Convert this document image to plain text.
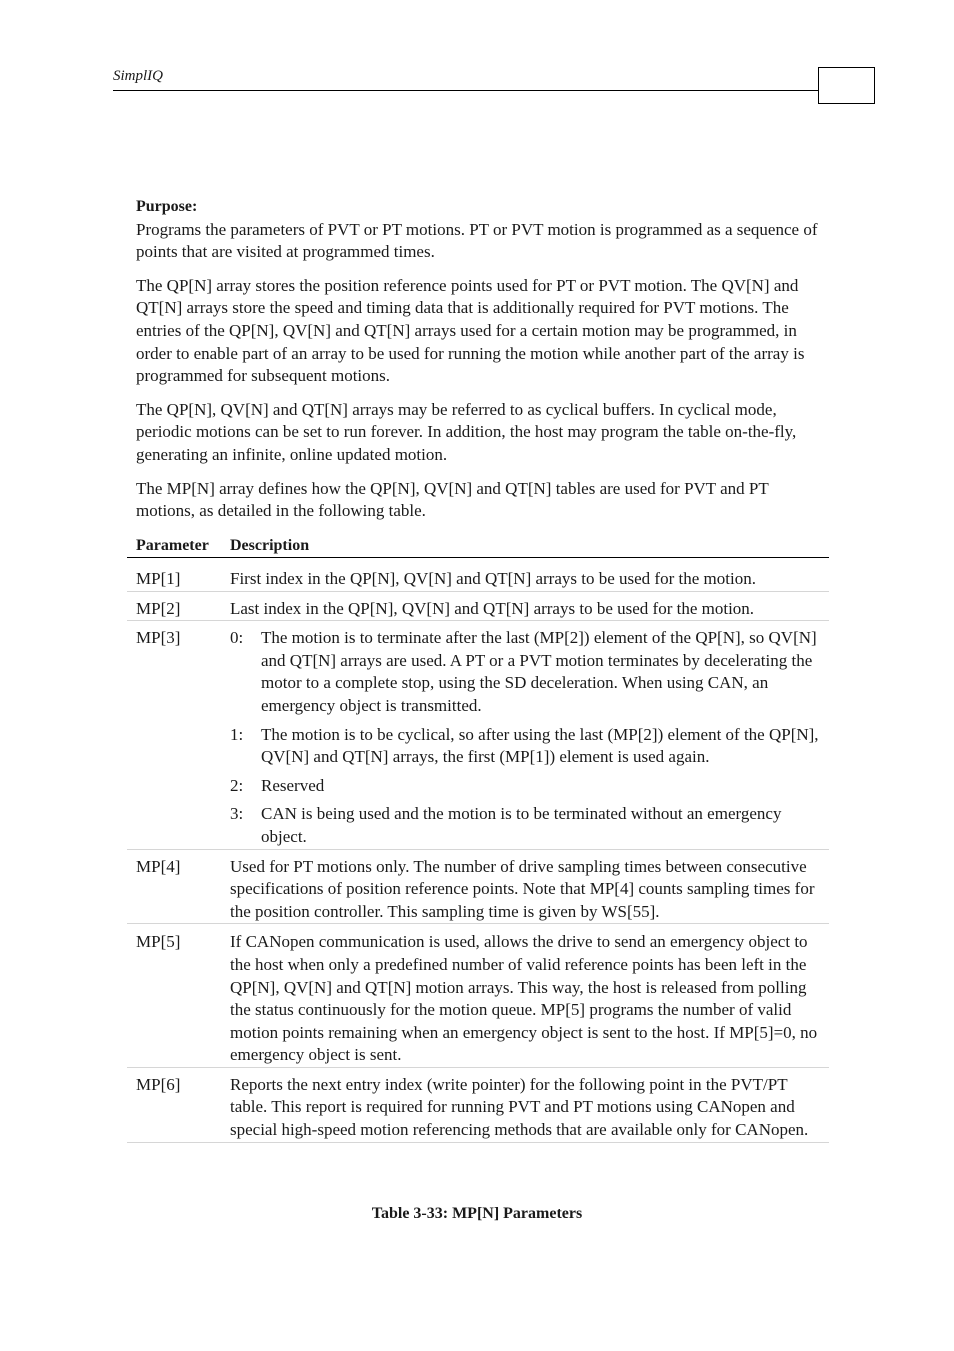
SimplIQ

Purpose:

Programs the parameters of PVT or PT motions. PT or PVT motion is programmed as a sequence of points that are visited at programmed times.

The QP[N] array stores the position reference points used for PT or PVT motion. The QV[N] and QT[N] arrays store the speed and timing data that is additionally required for PVT motions. The entries of the QP[N], QV[N] and QT[N] arrays used for a certain motion may be programmed, in order to enable part of an array to be used for running the motion while another part of the array is programmed for subsequent motions.

The QP[N], QV[N] and QT[N] arrays may be referred to as cyclical buffers. In cyclical mode, periodic motions can be set to run forever. In addition, the host may program the table on-the-fly, generating an infinite, online updated motion.

The MP[N] array defines how the QP[N], QV[N] and QT[N] tables are used for PVT and PT motions, as detailed in the following table.

Parameter	Description
MP[1]	First index in the QP[N], QV[N] and QT[N] arrays to be used for the motion.
MP[2]	Last index in the QP[N], QV[N] and QT[N] arrays to be used for the motion.
MP[3]	0:	The motion is to terminate after the last (MP[2]) element of the QP[N], so QV[N] and QT[N] arrays are used. A PT or a PVT motion terminates by decelerating the motor to a complete stop, using the SD deceleration. When using CAN, an emergency object is transmitted.
1:	The motion is to be cyclical, so after using the last (MP[2]) element of the QP[N], QV[N] and QT[N] arrays, the first (MP[1]) element is used again.
2:	Reserved
3:	CAN is being used and the motion is to be terminated without an emergency object.
MP[4]	Used for PT motions only. The number of drive sampling times between consecutive specifications of position reference points. Note that MP[4] counts sampling times for the position controller. This sampling time is given by WS[55].
MP[5]	If CANopen communication is used, allows the drive to send an emergency object to the host when only a predefined number of valid reference points has been left in the QP[N], QV[N] and QT[N] motion arrays. This way, the host is released from polling the status continuously for the motion queue. MP[5] programs the number of valid motion points remaining when an emergency object is sent to the host. If MP[5]=0, no emergency object is sent.
MP[6]	Reports the next entry index (write pointer) for the following point in the PVT/PT table. This report is required for running PVT and PT motions using CANopen and special high-speed motion referencing methods that are available only for CANopen.
Table 3-33: MP[N] Parameters
